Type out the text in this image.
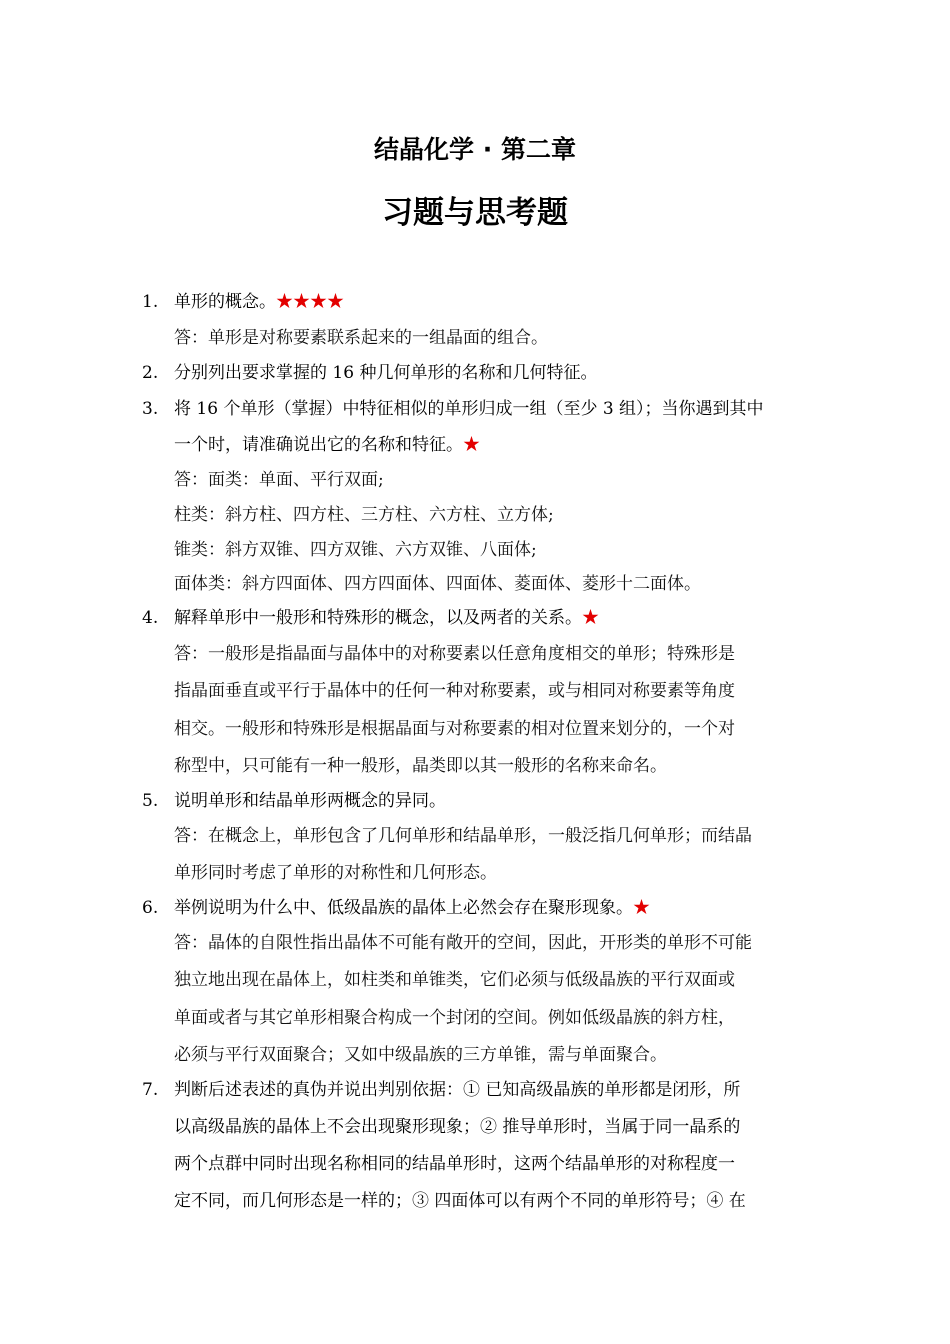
结晶化学 · 第二章
习题与思考题
1. 单形的概念。★★★★
答：单形是对称要素联系起来的一组晶面的组合。
2. 分别列出要求掌握的 16 种几何单形的名称和几何特征。
3. 将 16 个单形（掌握）中特征相似的单形归成一组（至少 3 组）；当你遇到其中
一个时，请准确说出它的名称和特征。★
答：面类：单面、平行双面;
柱类：斜方柱、四方柱、三方柱、六方柱、立方体;
锥类：斜方双锥、四方双锥、六方双锥、八面体;
面体类：斜方四面体、四方四面体、四面体、菱面体、菱形十二面体。
4. 解释单形中一般形和特殊形的概念，以及两者的关系。★
答：一般形是指晶面与晶体中的对称要素以任意角度相交的单形；特殊形是
指晶面垂直或平行于晶体中的任何一种对称要素，或与相同对称要素等角度
相交。一般形和特殊形是根据晶面与对称要素的相对位置来划分的，一个对
称型中，只可能有一种一般形，晶类即以其一般形的名称来命名。
5. 说明单形和结晶单形两概念的异同。
答：在概念上，单形包含了几何单形和结晶单形，一般泛指几何单形；而结晶
单形同时考虑了单形的对称性和几何形态。
6. 举例说明为什么中、低级晶族的晶体上必然会存在聚形现象。★
答：晶体的自限性指出晶体不可能有敞开的空间，因此，开形类的单形不可能
独立地出现在晶体上，如柱类和单锥类，它们必须与低级晶族的平行双面或
单面或者与其它单形相聚合构成一个封闭的空间。例如低级晶族的斜方柱，
必须与平行双面聚合；又如中级晶族的三方单锥，需与单面聚合。
7. 判断后述表述的真伪并说出判别依据：① 已知高级晶族的单形都是闭形，所
以高级晶族的晶体上不会出现聚形现象；② 推导单形时，当属于同一晶系的
两个点群中同时出现名称相同的结晶单形时，这两个结晶单形的对称程度一
定不同，而几何形态是一样的；③ 四面体可以有两个不同的单形符号；④ 在
